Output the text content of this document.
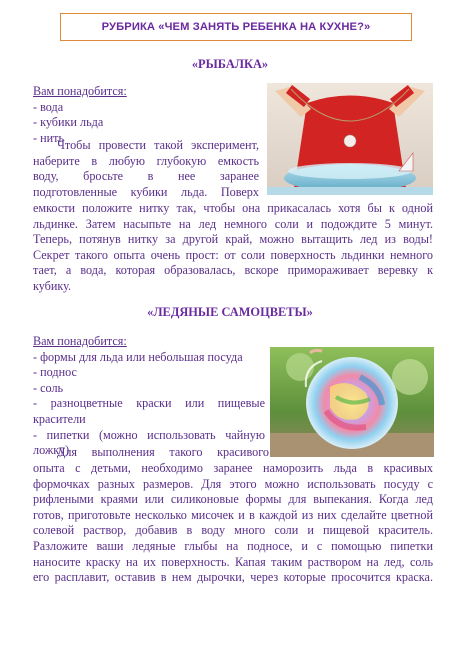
РУБРИКА «ЧЕМ ЗАНЯТЬ РЕБЕНКА НА КУХНЕ?»
«РЫБАЛКА»
Вам понадобится:
- вода
- кубики льда
- нить
Чтобы провести такой эксперимент,
наберите в любую глубокую емкость
воду, бросьте в нее заранее
подготовленные кубики льда. Поверх
емкости положите нитку так, чтобы она прикасалась хотя бы к одной
льдинке. Затем насыпьте на лед немного соли и подождите 5 минут.
Теперь, потянув нитку за другой край, можно вытащить лед из воды!
Секрет такого опыта очень прост: от соли поверхность льдинки немного
тает, а вода, которая образовалась, вскоре приморaживает веревку к
кубику.
«ЛЕДЯНЫЕ САМОЦВЕТЫ»
Вам понадобится:
- формы для льда или небольшая посуда
- поднос
- соль
- разноцветные краски или пищевые красители
- пипетки (можно использовать чайную ложку)
Для выполнения такого красивого
опыта с детьми, необходимо заранее наморозить льда в красивых
формочках разных размеров. Для этого можно использовать посуду с
рифлеными краями или силиконовые формы для выпекания. Когда лед
готов, приготовьте несколько мисочек и в каждой из них сделайте цветной
солевой раствор, добавив в воду много соли и пищевой краситель.
Разложите ваши ледяные глыбы на подносе, и с помощью пипетки
наносите краску на их поверхность. Капая таким раствором на лед, соль
его расплавит, оставив в нем дырочки, через которые просочится краска.
